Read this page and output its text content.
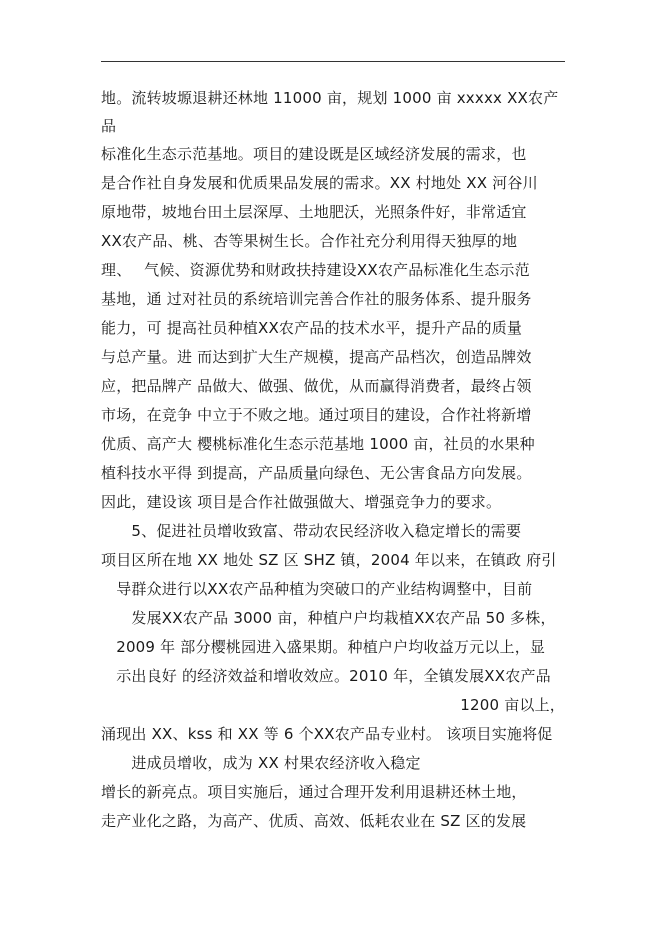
地。流转坡塬退耕还林地 11000 亩，规划 1000 亩 xxxxx XX农产
品
标准化生态示范基地。项目的建设既是区域经济发展的需求，也
是合作社自身发展和优质果品发展的需求。XX 村地处 XX 河谷川
原地带，坡地台田土层深厚、土地肥沃，光照条件好，非常适宜
XX农产品、桃、杏等果树生长。合作社充分利用得天独厚的地
理、　 气候、资源优势和财政扶持建设XX农产品标准化生态示范
基地，通 过对社员的系统培训完善合作社的服务体系、提升服务
能力，可 提高社员种植XX农产品的技术水平，提升产品的质量
与总产量。进 而达到扩大生产规模，提高产品档次，创造品牌效
应，把品牌产 品做大、做强、做优，从而赢得消费者，最终占领
市场，在竞争 中立于不败之地。通过项目的建设，合作社将新增
优质、高产大 樱桃标准化生态示范基地 1000 亩，社员的水果种
植科技水平得 到提高，产品质量向绿色、无公害食品方向发展。
因此，建设该 项目是合作社做强做大、增强竞争力的要求。
　　5、促进社员增收致富、带动农民经济收入稳定增长的需要
项目区所在地 XX 地处 SZ 区 SHZ 镇，2004 年以来，在镇政 府引
　导群众进行以XX农产品种植为突破口的产业结构调整中，目前
　　发展XX农产品 3000 亩，种植户户均栽植XX农产品 50 多株，
　2009 年 部分樱桃园进入盛果期。种植户户均收益万元以上，显
　示出良好 的经济效益和增收效应。2010 年，全镇发展XX农产品
1200 亩以上，
涌现出 XX、kss 和 XX 等 6 个XX农产品专业村。 该项目实施将促
　　进成员增收，成为 XX 村果农经济收入稳定
增长的新亮点。项目实施后，通过合理开发利用退耕还林土地，
走产业化之路，为高产、优质、高效、低耗农业在 SZ 区的发展
